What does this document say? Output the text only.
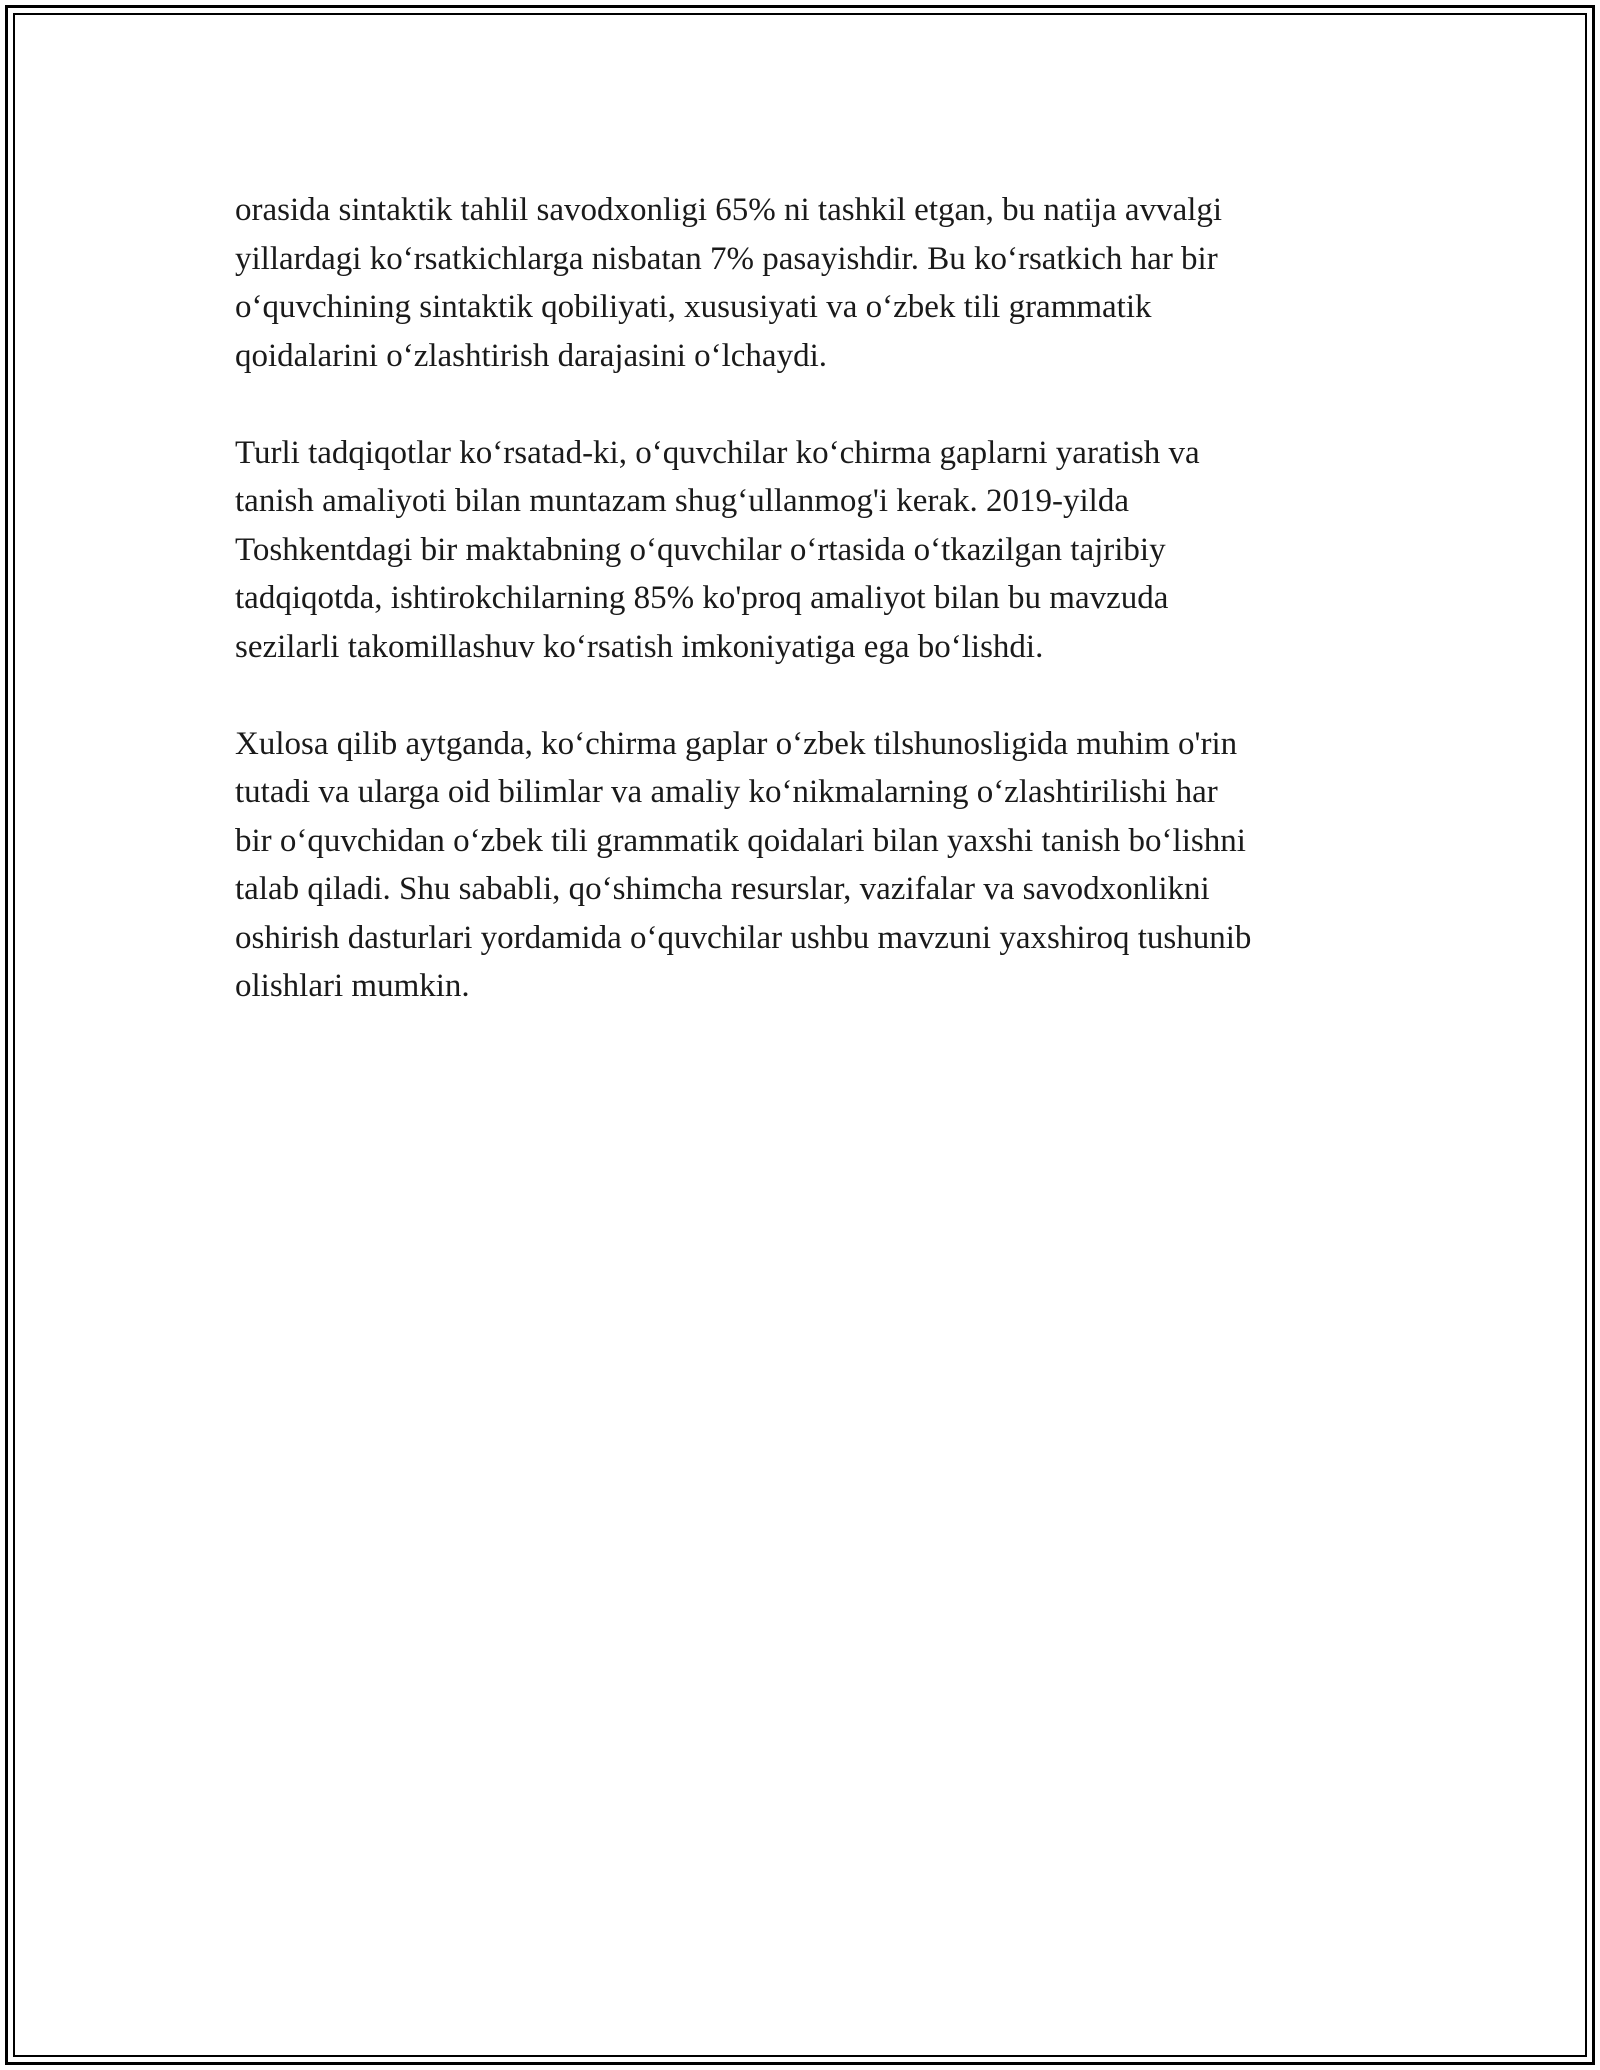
orasida sintaktik tahlil savodxonligi 65% ni tashkil etgan, bu natija avvalgi
yillardagi ko‘rsatkichlarga nisbatan 7% pasayishdir. Bu ko‘rsatkich har bir
o‘quvchining sintaktik qobiliyati, xususiyati va o‘zbek tili grammatik
qoidalarini o‘zlashtirish darajasini o‘lchaydi.

Turli tadqiqotlar ko‘rsatad-ki, o‘quvchilar ko‘chirma gaplarni yaratish va
tanish amaliyoti bilan muntazam shug‘ullanmog'i kerak. 2019-yilda
Toshkentdagi bir maktabning o‘quvchilar o‘rtasida o‘tkazilgan tajribiy
tadqiqotda, ishtirokchilarning 85% ko'proq amaliyot bilan bu mavzuda
sezilarli takomillashuv ko‘rsatish imkoniyatiga ega bo‘lishdi.

Xulosa qilib aytganda, ko‘chirma gaplar o‘zbek tilshunosligida muhim o'rin
tutadi va ularga oid bilimlar va amaliy ko‘nikmalarning o‘zlashtirilishi har
bir o‘quvchidan o‘zbek tili grammatik qoidalari bilan yaxshi tanish bo‘lishni
talab qiladi. Shu sababli, qo‘shimcha resurslar, vazifalar va savodxonlikni
oshirish dasturlari yordamida o‘quvchilar ushbu mavzuni yaxshiroq tushunib
olishlari mumkin.
